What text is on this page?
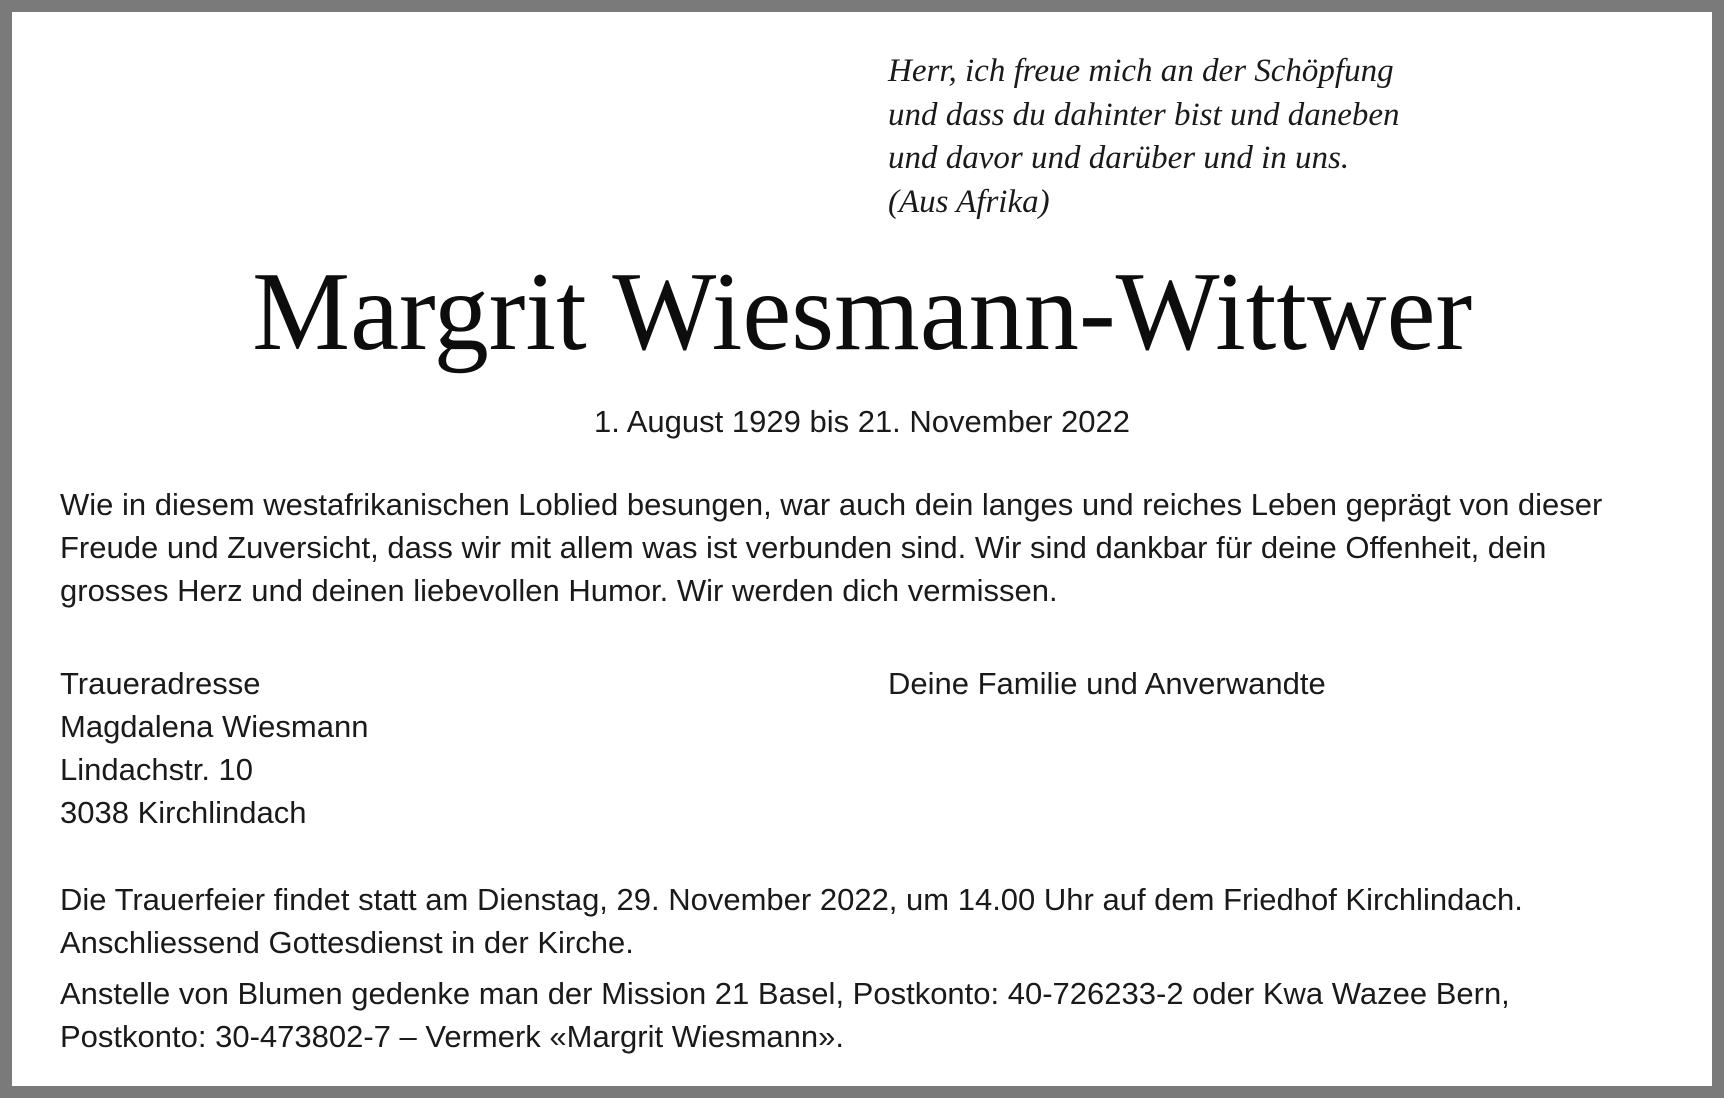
Herr, ich freue mich an der Schöpfung
und dass du dahinter bist und daneben
und davor und darüber und in uns.
(Aus Afrika)
Margrit Wiesmann-Wittwer
1. August 1929 bis 21. November 2022
Wie in diesem westafrikanischen Loblied besungen, war auch dein langes und reiches Leben geprägt von dieser
Freude und Zuversicht, dass wir mit allem was ist verbunden sind. Wir sind dankbar für deine Offenheit, dein
grosses Herz und deinen liebevollen Humor. Wir werden dich vermissen.
Traueradresse
Magdalena Wiesmann
Lindachstr. 10
3038 Kirchlindach
Deine Familie und Anverwandte
Die Trauerfeier findet statt am Dienstag, 29. November 2022, um 14.00 Uhr auf dem Friedhof Kirchlindach.
Anschliessend Gottesdienst in der Kirche.
Anstelle von Blumen gedenke man der Mission 21 Basel, Postkonto: 40-726233-2 oder Kwa Wazee Bern,
Postkonto: 30-473802-7 – Vermerk «Margrit Wiesmann».
